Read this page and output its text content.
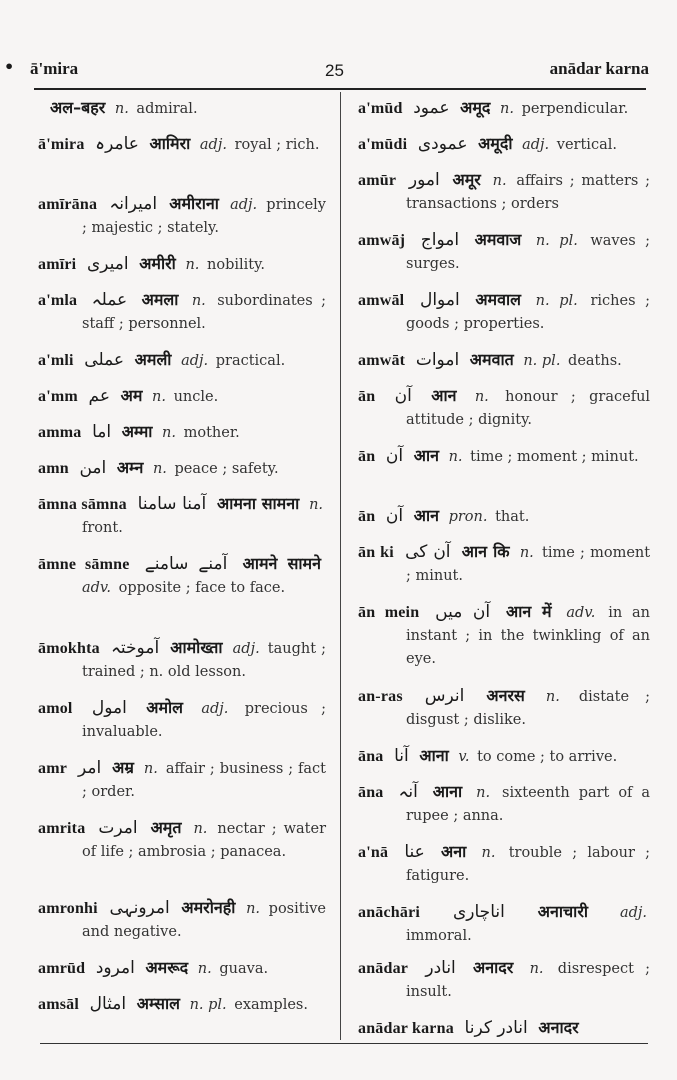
• ā'mira	25	anādar karna
अल–बहर n. admiral.
ā'mira عامرہ आमिरा adj. royal ; rich.
amīrāna امیرانہ अमीराना adj. princely ; majestic ; stately.
amīri امیری अमीरी n. nobility.
a'mla عملہ अमला n. subordinates ; staff ; personnel.
a'mli عملی अमली adj. practical.
a'mm عم अम n. uncle.
amma اما अम्मा n. mother.
amn امن अम्न n. peace ; safety.
āmna sāmna آمنا سامنا आमना सामना n. front.
āmne sāmne آمنے سامنے आमने सामने adv. opposite ; face to face.
āmokhta آموختہ आमोख्ता adj. taught ; trained ; n. old lesson.
amol امول अमोल adj. precious ; invaluable.
amr امر अम्र n. affair ; business ; fact ; order.
amrita امرت अमृत n. nectar ; water of life ; ambrosia ; panacea.
amronhi امرونہی अमरोनही n. positive and negative.
amrūd امرود अमरूद n. guava.
amsāl امثال अम्साल n. pl. examples.
a'mūd عمود अमूद n. perpendicular.
a'mūdi عمودی अमूदी adj. vertical.
amūr امور अमूर n. affairs ; matters ; transactions ; orders
amwāj امواج अमवाज n. pl. waves ; surges.
amwāl اموال अमवाल n. pl. riches ; goods ; properties.
amwāt اموات अमवात n. pl. deaths.
ān آن आन n. honour ; graceful attitude ; dignity.
ān آن आन n. time ; moment ; minut.
ān آن आन pron. that.
ān ki آن کی आन कि n. time ; moment ; minut.
ān mein آن میں आन में adv. in an instant ; in the twinkling of an eye.
an-ras انرس अनरस n. distate ; disgust ; dislike.
āna آنا आना v. to come ; to arrive.
āna آنہ आना n. sixteenth part of a rupee ; anna.
a'nā عنا अना n. trouble ; labour ; fatigure.
anāchāri اناچاری अनाचारी adj. immoral.
anādar انادر अनादर n. disrespect ; insult.
anādar karna انادر کرنا अनादर
